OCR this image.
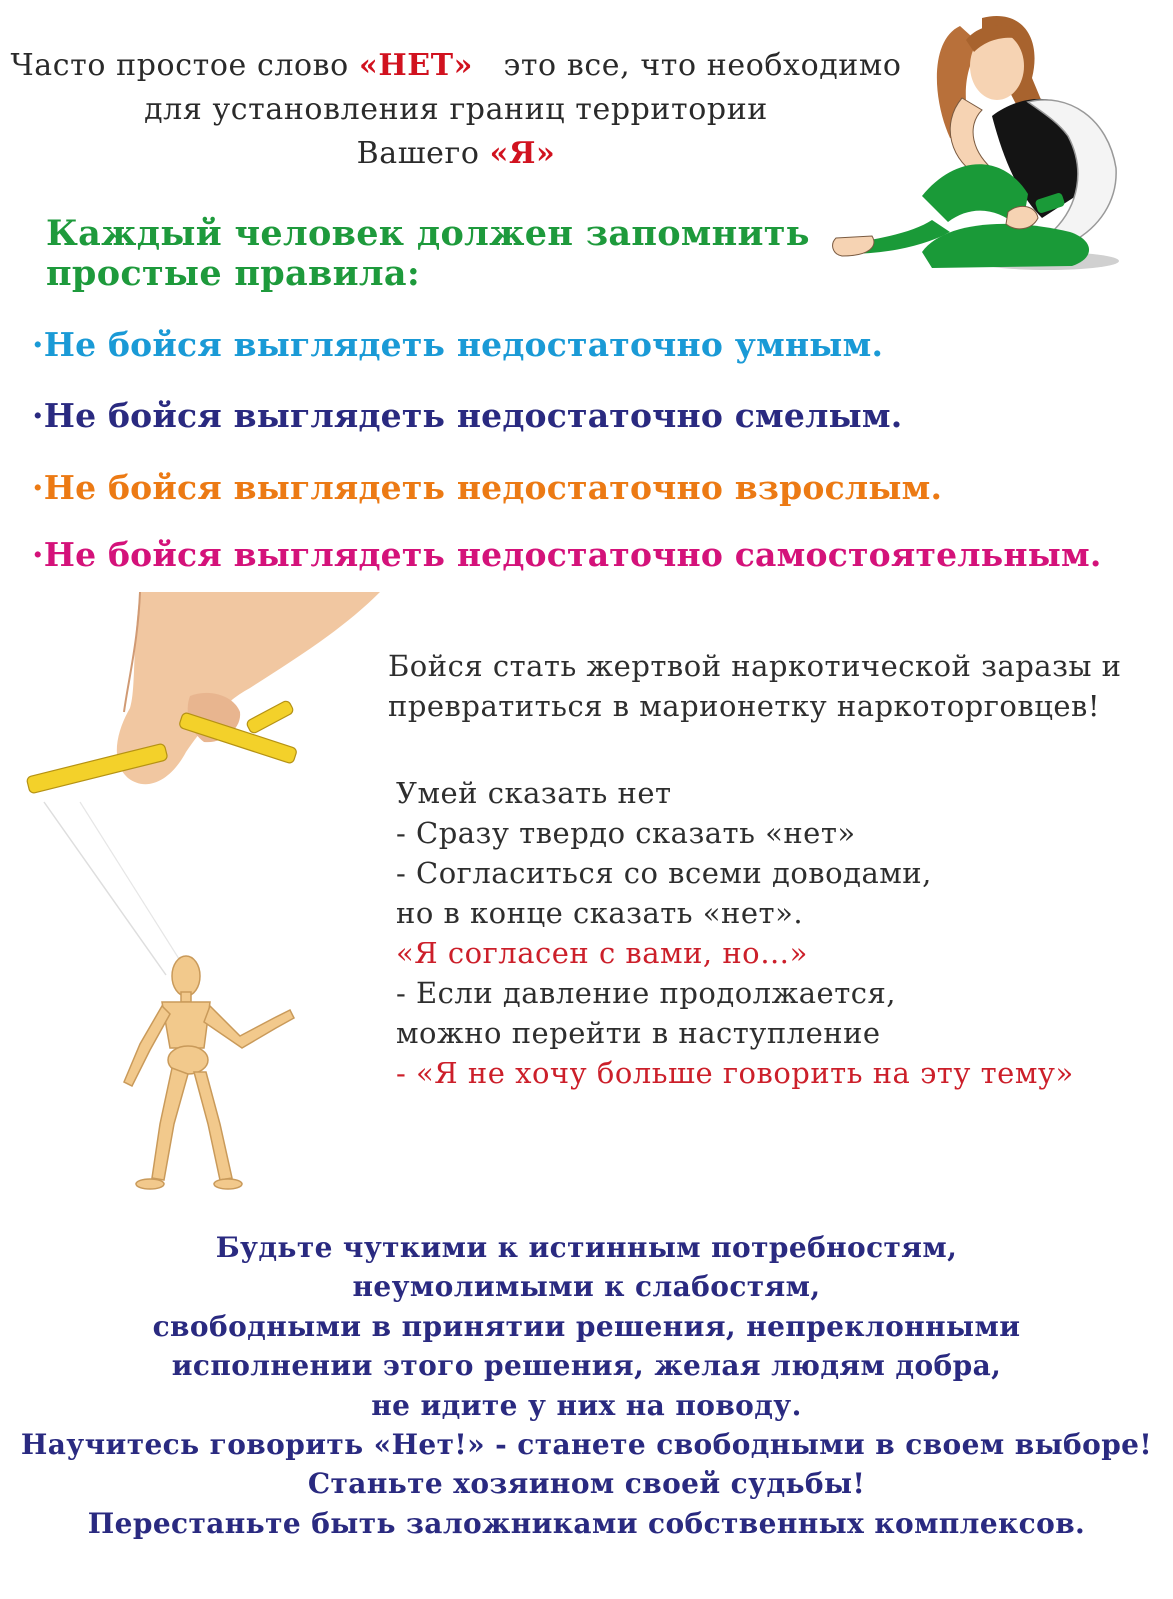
Часто простое слово «НЕТ»   это все, что необходимо
для установления границ территории
Вашего «Я»
Каждый человек должен запомнить
простые правила:
·Не бойся выглядеть недостаточно умным.
·Не бойся выглядеть недостаточно смелым.
·Не бойся выглядеть недостаточно взрослым.
·Не бойся выглядеть недостаточно самостоятельным.
Бойся стать жертвой наркотической заразы и
превратиться в марионетку наркоторговцев!
Умей сказать нет
- Сразу твердо сказать «нет»
- Согласиться со всеми доводами,
но в конце сказать «нет».
«Я согласен с вами, но…»
- Если давление продолжается,
можно перейти в наступление
- «Я не хочу больше говорить на эту тему»
Будьте чуткими к истинным потребностям,
неумолимыми к слабостям,
свободными в принятии решения, непреклонными
исполнении этого решения, желая людям добра,
не идите у них на поводу.
Научитесь говорить «Нет!» - станете свободными в своем выборе!
Станьте хозяином своей судьбы!
Перестаньте быть заложниками собственных комплексов.
